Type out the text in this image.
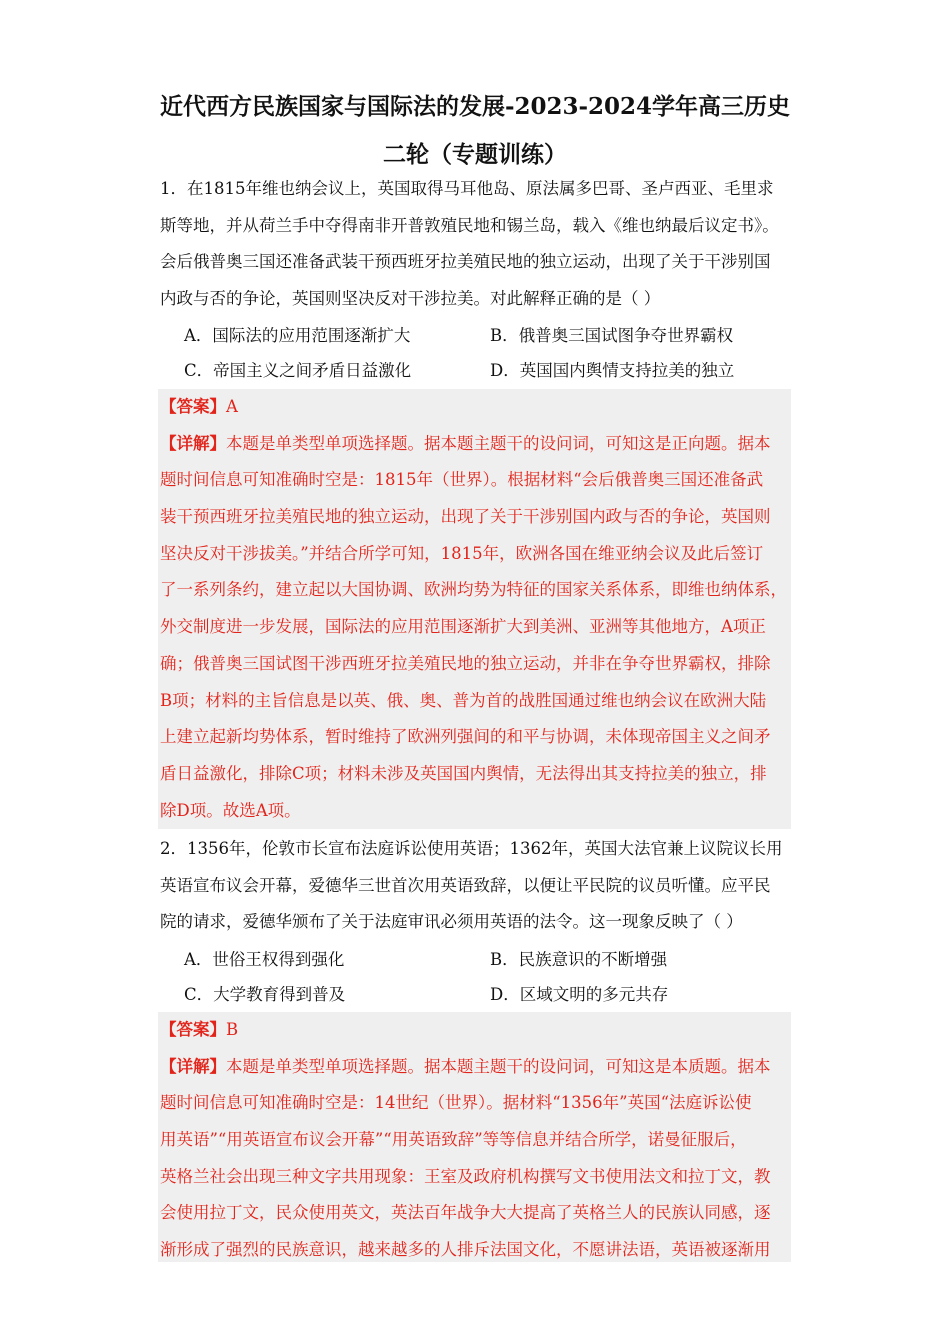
近代西方民族国家与国际法的发展-2023-2024学年高三历史
二轮（专题训练）
1．在1815年维也纳会议上，英国取得马耳他岛、原法属多巴哥、圣卢西亚、毛里求
斯等地，并从荷兰手中夺得南非开普敦殖民地和锡兰岛，载入《维也纳最后议定书》。
会后俄普奥三国还准备武装干预西班牙拉美殖民地的独立运动，出现了关于干涉别国
内政与否的争论，英国则坚决反对干涉拉美。对此解释正确的是（ ）
A．国际法的应用范围逐渐扩大	B．俄普奥三国试图争夺世界霸权
C．帝国主义之间矛盾日益激化	D．英国国内舆情支持拉美的独立
【答案】A
【详解】本题是单类型单项选择题。据本题主题干的设问词，可知这是正向题。据本
题时间信息可知准确时空是：1815年（世界）。根据材料“会后俄普奥三国还准备武
装干预西班牙拉美殖民地的独立运动，出现了关于干涉别国内政与否的争论，英国则
坚决反对干涉拔美。”并结合所学可知，1815年，欧洲各国在维亚纳会议及此后签订
了一系列条约，建立起以大国协调、欧洲均势为特征的国家关系体系，即维也纳体系，
外交制度进一步发展，国际法的应用范围逐渐扩大到美洲、亚洲等其他地方，A项正
确；俄普奥三国试图干涉西班牙拉美殖民地的独立运动，并非在争夺世界霸权，排除
B项；材料的主旨信息是以英、俄、奥、普为首的战胜国通过维也纳会议在欧洲大陆
上建立起新均势体系，暂时维持了欧洲列强间的和平与协调，未体现帝国主义之间矛
盾日益激化，排除C项；材料未涉及英国国内舆情，无法得出其支持拉美的独立，排
除D项。故选A项。
2．1356年，伦敦市长宣布法庭诉讼使用英语；1362年，英国大法官兼上议院议长用
英语宣布议会开幕，爱德华三世首次用英语致辞，以便让平民院的议员听懂。应平民
院的请求，爱德华颁布了关于法庭审讯必须用英语的法令。这一现象反映了（ ）
A．世俗王权得到强化	B．民族意识的不断增强
C．大学教育得到普及	D．区域文明的多元共存
【答案】B
【详解】本题是单类型单项选择题。据本题主题干的设问词，可知这是本质题。据本
题时间信息可知准确时空是：14世纪（世界）。据材料“1356年”英国“法庭诉讼使
用英语”“用英语宣布议会开幕”“用英语致辞”等等信息并结合所学，诺曼征服后，
英格兰社会出现三种文字共用现象：王室及政府机构撰写文书使用法文和拉丁文，教
会使用拉丁文，民众使用英文，英法百年战争大大提高了英格兰人的民族认同感，逐
渐形成了强烈的民族意识，越来越多的人排斥法国文化，不愿讲法语，英语被逐渐用
